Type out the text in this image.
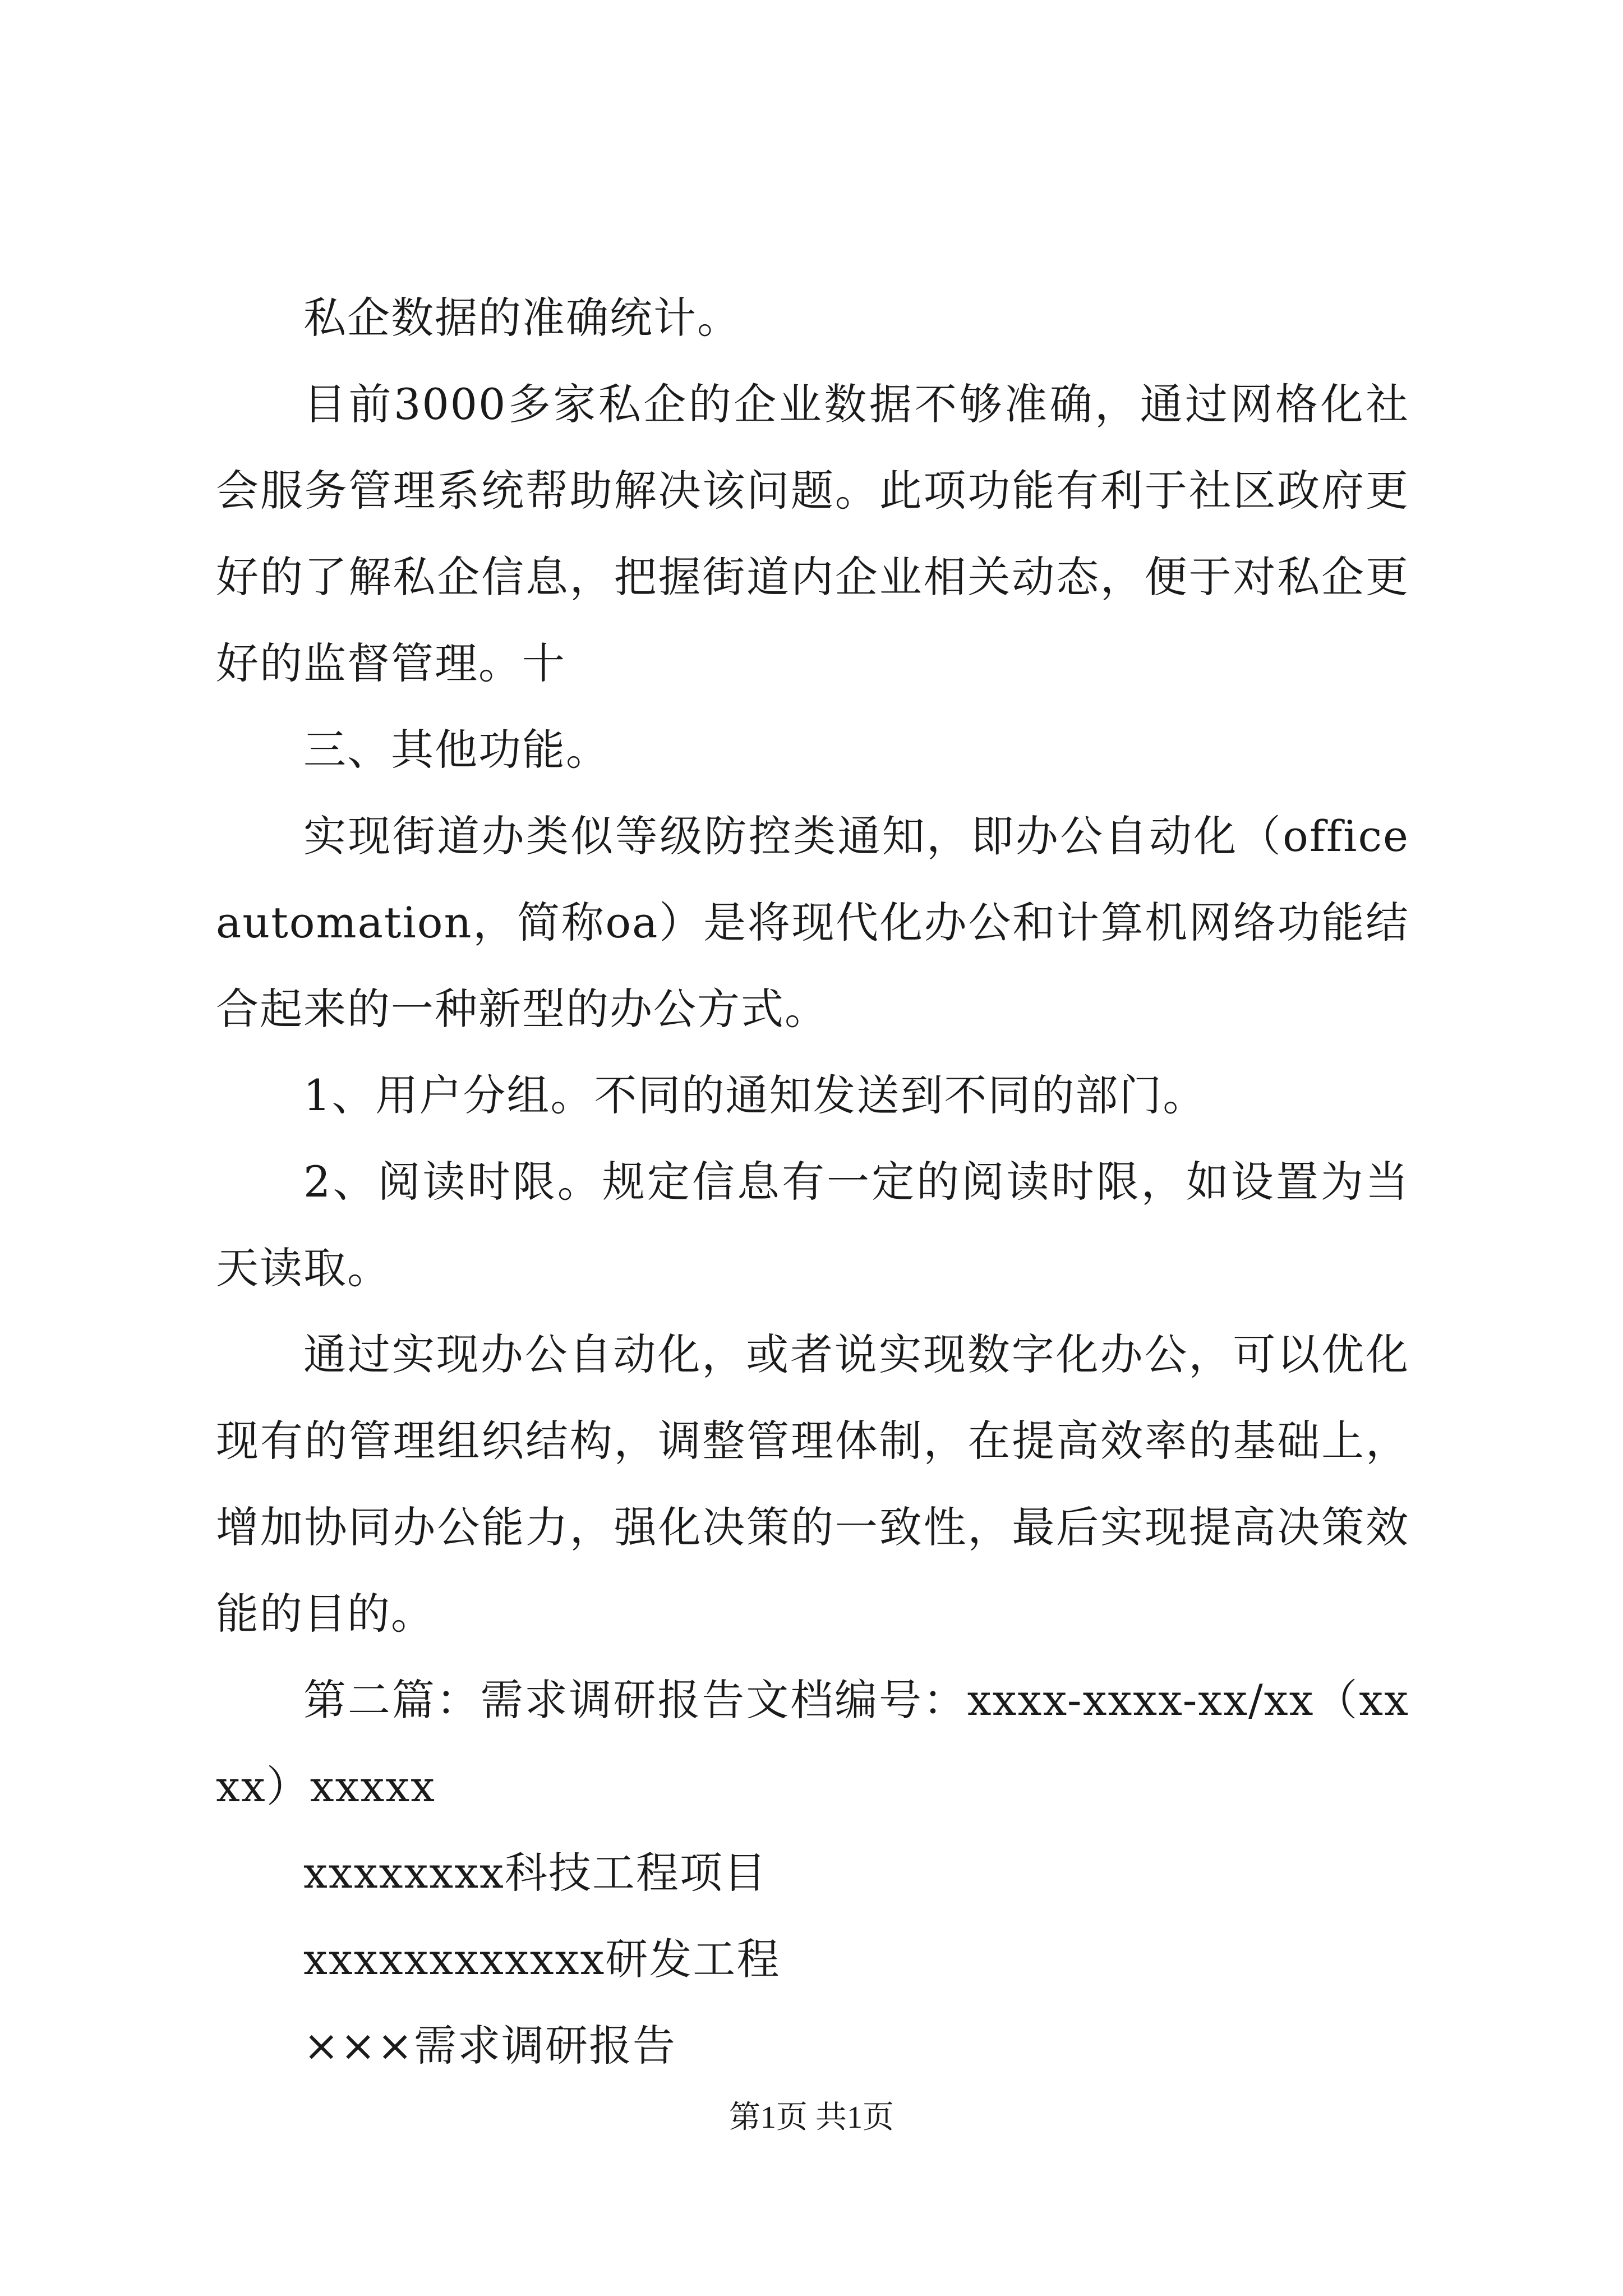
私企数据的准确统计。

目前3000多家私企的企业数据不够准确，通过网格化社会服务管理系统帮助解决该问题。此项功能有利于社区政府更好的了解私企信息，把握街道内企业相关动态，便于对私企更好的监督管理。十

三、其他功能。

实现街道办类似等级防控类通知，即办公自动化（officeautomation，简称oa）是将现代化办公和计算机网络功能结合起来的一种新型的办公方式。

1、用户分组。不同的通知发送到不同的部门。

2、阅读时限。规定信息有一定的阅读时限，如设置为当天读取。

通过实现办公自动化，或者说实现数字化办公，可以优化现有的管理组织结构，调整管理体制，在提高效率的基础上，增加协同办公能力，强化决策的一致性，最后实现提高决策效能的目的。

第二篇：需求调研报告文档编号：xxxx-xxxx-xx/xx（xxxx）xxxxx

xxxxxxxx科技工程项目

xxxxxxxxxxxx研发工程

×××需求调研报告

第1页 共1页
